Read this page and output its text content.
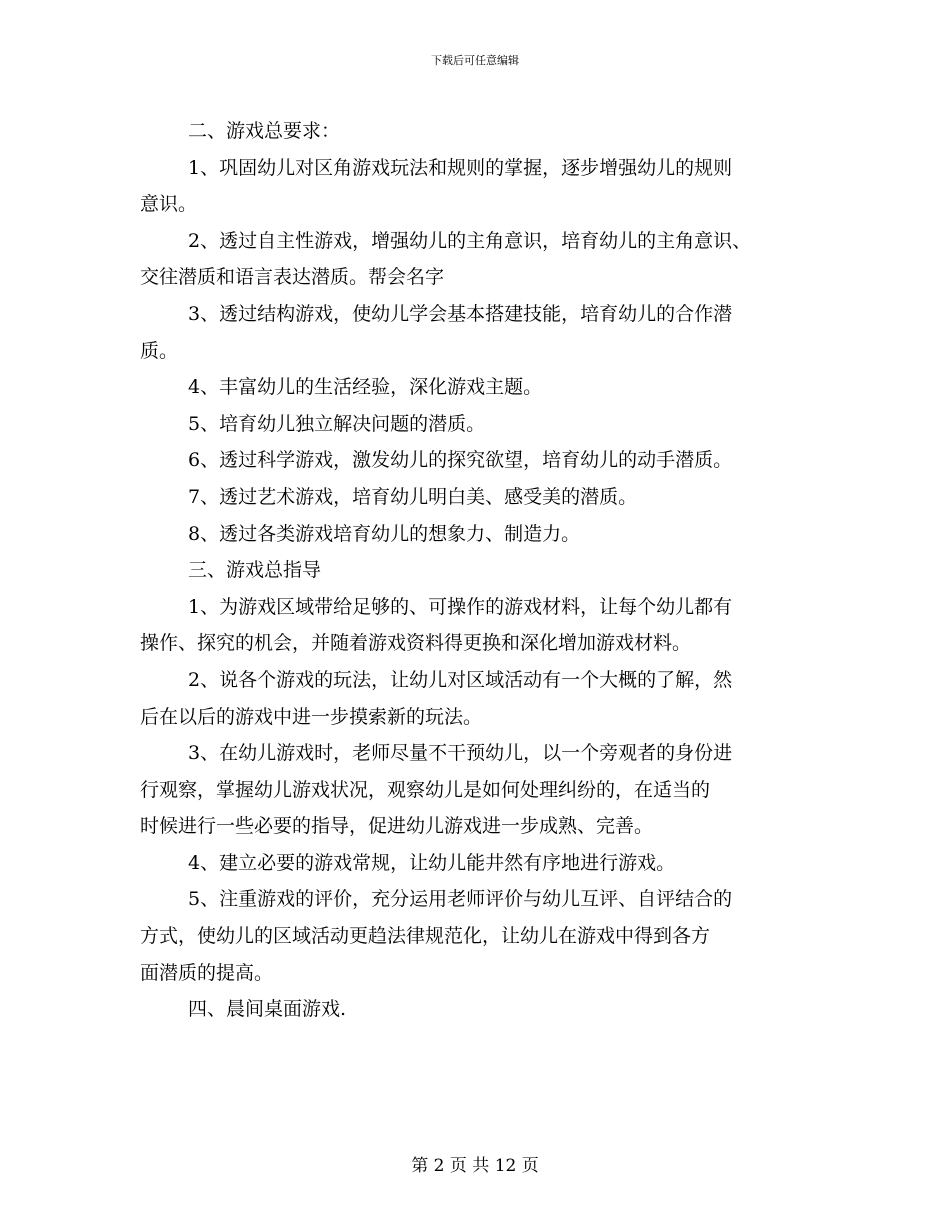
下载后可任意编辑
二、游戏总要求：
1、巩固幼儿对区角游戏玩法和规则的掌握，逐步增强幼儿的规则
意识。
2、透过自主性游戏，增强幼儿的主角意识，培育幼儿的主角意识、
交往潜质和语言表达潜质。帮会名字
3、透过结构游戏，使幼儿学会基本搭建技能，培育幼儿的合作潜
质。
4、丰富幼儿的生活经验，深化游戏主题。
5、培育幼儿独立解决问题的潜质。
6、透过科学游戏，激发幼儿的探究欲望，培育幼儿的动手潜质。
7、透过艺术游戏，培育幼儿明白美、感受美的潜质。
8、透过各类游戏培育幼儿的想象力、制造力。
三、游戏总指导
1、为游戏区域带给足够的、可操作的游戏材料，让每个幼儿都有
操作、探究的机会，并随着游戏资料得更换和深化增加游戏材料。
2、说各个游戏的玩法，让幼儿对区域活动有一个大概的了解，然
后在以后的游戏中进一步摸索新的玩法。
3、在幼儿游戏时，老师尽量不干预幼儿，以一个旁观者的身份进
行观察，掌握幼儿游戏状况，观察幼儿是如何处理纠纷的，在适当的
时候进行一些必要的指导，促进幼儿游戏进一步成熟、完善。
4、建立必要的游戏常规，让幼儿能井然有序地进行游戏。
5、注重游戏的评价，充分运用老师评价与幼儿互评、自评结合的
方式，使幼儿的区域活动更趋法律规范化，让幼儿在游戏中得到各方
面潜质的提高。
四、晨间桌面游戏.
第 2 页 共 12 页
